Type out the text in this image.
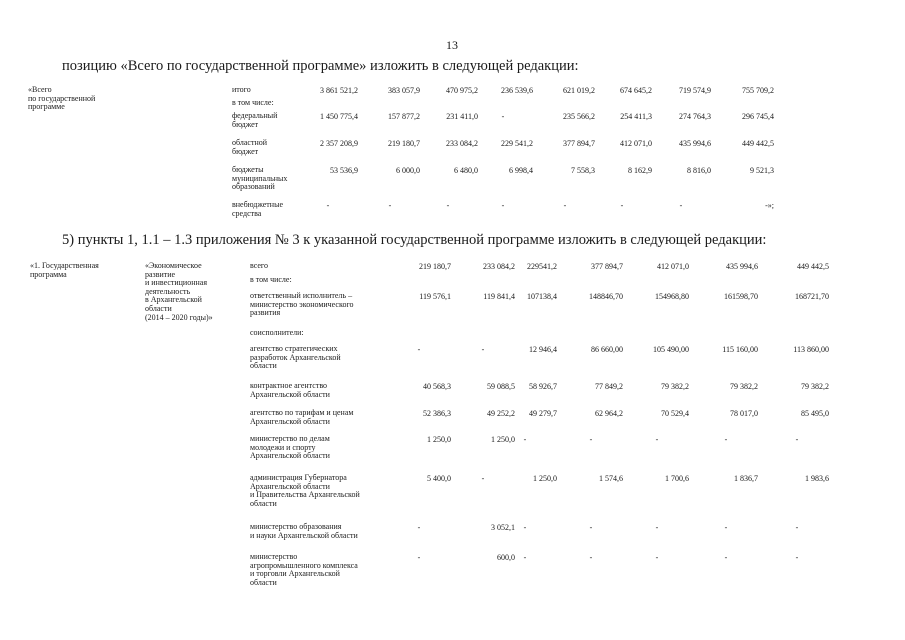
13
позицию «Всего по государственной программе» изложить в следующей редакции:
«Всего
по государственной
программе
итого	3 861 521,2	383 057,9	470 975,2	236 539,6	621 019,2	674 645,2	719 574,9	755 709,2
в том числе:
федеральный
бюджет
1 450 775,4	157 877,2	231 411,0	-	235 566,2	254 411,3	274 764,3	296 745,4
областной
бюджет
2 357 208,9	219 180,7	233 084,2	229 541,2	377 894,7	412 071,0	435 994,6	449 442,5
бюджеты
муниципальных
образований
53 536,9	6 000,0	6 480,0	6 998,4	7 558,3	8 162,9	8 816,0	9 521,3
внебюджетные
средства
-	-	-	-	-	-	-	-»;
5) пункты 1, 1.1 – 1.3 приложения № 3 к указанной государственной программе изложить в следующей редакции:
«1. Государственная
программа
«Экономическое
развитие
и инвестиционная
деятельность
в Архангельской
области
(2014 – 2020 годы)»
всего	219 180,7	233 084,2	229541,2	377 894,7	412 071,0	435 994,6	449 442,5
в том числе:
ответственный исполнитель –
министерство экономического
развития
119 576,1	119 841,4	107138,4	148846,70	154968,80	161598,70	168721,70
соисполнители:
агентство стратегических
разработок Архангельской
области
-	-	12 946,4	86 660,00	105 490,00	115 160,00	113 860,00
контрактное агентство
Архангельской области
40 568,3	59 088,5	58 926,7	77 849,2	79 382,2	79 382,2	79 382,2
агентство по тарифам и ценам
Архангельской области
52 386,3	49 252,2	49 279,7	62 964,2	70 529,4	78 017,0	85 495,0
министерство по делам
молодежи и спорту
Архангельской области
1 250,0	1 250,0	-	-	-	-	-
администрация Губернатора
Архангельской области
и Правительства Архангельской
области
5 400,0	-	1 250,0	1 574,6	1 700,6	1 836,7	1 983,6
министерство образования
и науки Архангельской области
-	3 052,1	-	-	-	-	-
министерство
агропромышленного комплекса
и торговли Архангельской
области
-	600,0	-	-	-	-	-
